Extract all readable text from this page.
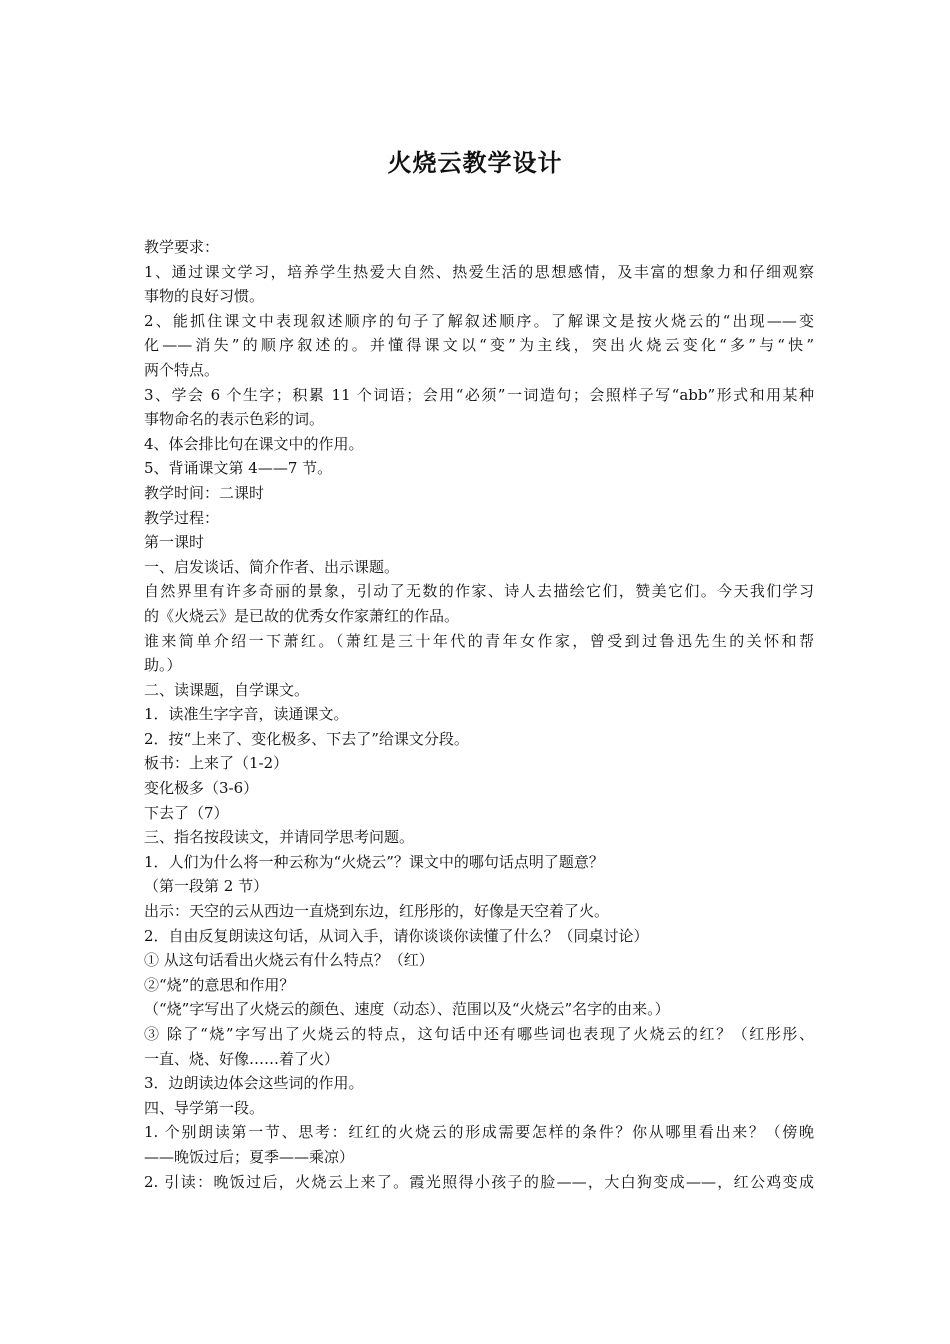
火烧云教学设计
教学要求：
1、通过课文学习，培养学生热爱大自然、热爱生活的思想感情，及丰富的想象力和仔细观察
事物的良好习惯。
2、能抓住课文中表现叙述顺序的句子了解叙述顺序。了解课文是按火烧云的“出现——变
化——消失”的顺序叙述的。并懂得课文以“变”为主线，突出火烧云变化“多”与“快”
两个特点。
3、学会 6 个生字；积累 11 个词语；会用“必须”一词造句；会照样子写“abb”形式和用某种
事物命名的表示色彩的词。
4、体会排比句在课文中的作用。
5、背诵课文第 4——7 节。
教学时间：二课时
教学过程：
第一课时
一、启发谈话、简介作者、出示课题。
自然界里有许多奇丽的景象，引动了无数的作家、诗人去描绘它们，赞美它们。今天我们学习
的《火烧云》是已故的优秀女作家萧红的作品。
谁来简单介绍一下萧红。（萧红是三十年代的青年女作家，曾受到过鲁迅先生的关怀和帮
助。）
二、读课题，自学课文。
1．读准生字字音，读通课文。
2．按“上来了、变化极多、下去了”给课文分段。
板书：上来了（1-2）
变化极多（3-6）
下去了（7）
三、指名按段读文，并请同学思考问题。
1．人们为什么将一种云称为“火烧云”？课文中的哪句话点明了题意？
（第一段第 2 节）
出示：天空的云从西边一直烧到东边，红彤彤的，好像是天空着了火。
2．自由反复朗读这句话，从词入手，请你谈谈你读懂了什么？（同桌讨论）
① 从这句话看出火烧云有什么特点？（红）
②“烧”的意思和作用？
（“烧”字写出了火烧云的颜色、速度（动态）、范围以及“火烧云”名字的由来。）
③ 除了“烧”字写出了火烧云的特点，这句话中还有哪些词也表现了火烧云的红？（红彤彤、
一直、烧、好像……着了火）
3．边朗读边体会这些词的作用。
四、导学第一段。
1. 个别朗读第一节、思考：红红的火烧云的形成需要怎样的条件？你从哪里看出来？（傍晚
——晚饭过后；夏季——乘凉）
2. 引读：晚饭过后，火烧云上来了。霞光照得小孩子的脸——，大白狗变成——，红公鸡变成
